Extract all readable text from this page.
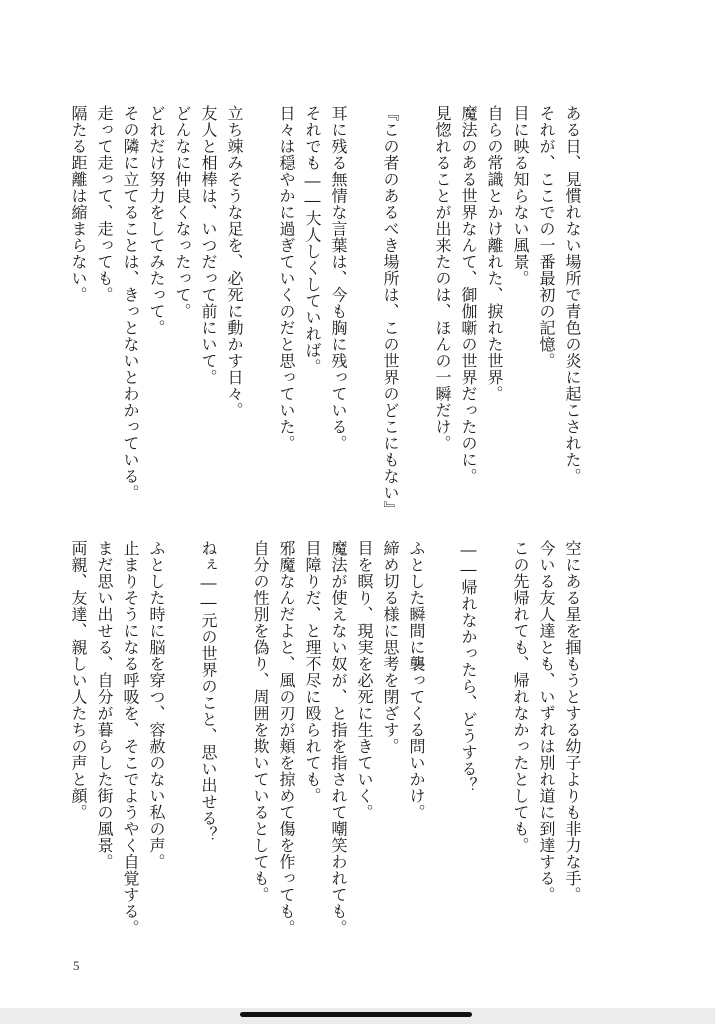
ある日、見慣れない場所で青色の炎に起こされた。
それが、ここでの一番最初の記憶。
目に映る知らない風景。
自らの常識とかけ離れた、捩れた世界。
魔法のある世界なんて、御伽噺の世界だったのに。
見惚れることが出来たのは、ほんの一瞬だけ。
『この者のあるべき場所は、この世界のどこにもない』
耳に残る無情な言葉は、今も胸に残っている。
それでも――大人しくしていれば。
日々は穏やかに過ぎていくのだと思っていた。
立ち竦みそうな足を、必死に動かす日々。
友人と相棒は、いつだって前にいて。
どんなに仲良くなったって。
どれだけ努力をしてみたって。
その隣に立てることは、きっとないとわかっている。
走って走って、走っても。
隔たる距離は縮まらない。
空にある星を掴もうとする幼子よりも非力な手。
今いる友人達とも、いずれは別れ道に到達する。
この先帰れても、帰れなかったとしても。
――帰れなかったら、どうする？
ふとした瞬間に襲ってくる問いかけ。
締め切る様に思考を閉ざす。
目を瞑り、現実を必死に生きていく。
魔法が使えない奴が、と指を指されて嘲笑われても。
目障りだ、と理不尽に殴られても。
邪魔なんだよと、風の刃が頬を掠めて傷を作っても。
自分の性別を偽り、周囲を欺いているとしても。
ねぇ――元の世界のこと、思い出せる？
ふとした時に脳を穿つ、容赦のない私の声。
止まりそうになる呼吸を、そこでようやく自覚する。
まだ思い出せる、自分が暮らした街の風景。
両親、友達、親しい人たちの声と顔。
5
